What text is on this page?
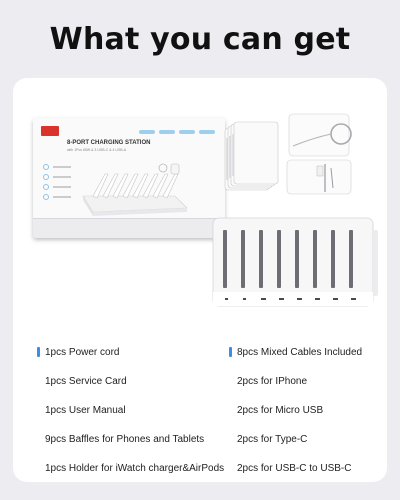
What you can get
8-PORT CHARGING STATION
with 1Pcs 65W & 3 USB-C & 4 USB-A
1pcs Power cord
1pcs Service Card
1pcs User Manual
9pcs Baffles for Phones and Tablets
1pcs Holder for iWatch charger&AirPods
8pcs Mixed Cables Included
2pcs for IPhone
2pcs for Micro USB
2pcs for Type-C
2pcs for USB-C to USB-C
